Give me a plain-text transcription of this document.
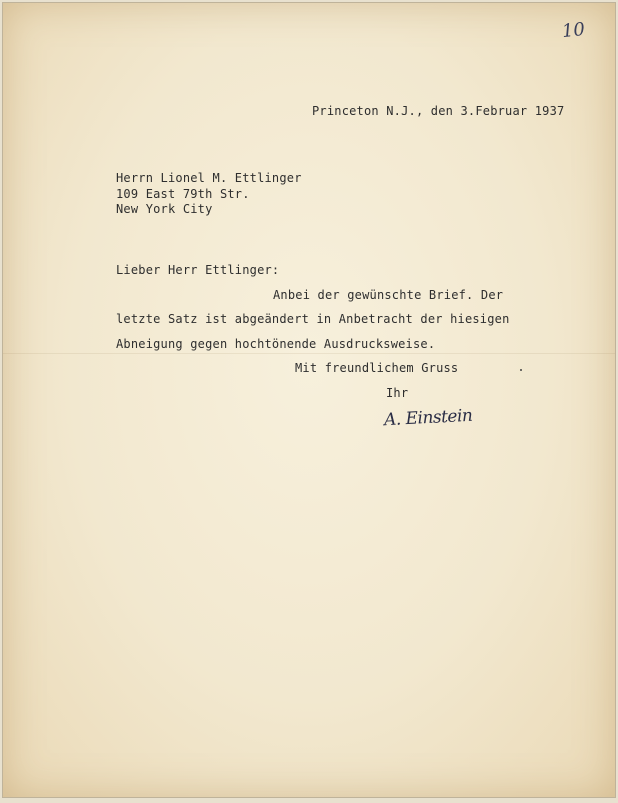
10
Princeton N.J., den 3.Februar 1937
Herrn Lionel M. Ettlinger
109 East 79th Str.
New York City
Lieber Herr Ettlinger:
Anbei der gewünschte Brief. Der
letzte Satz ist abgeändert in Anbetracht der hiesigen
Abneigung gegen hochtönende Ausdrucksweise.
Mit freundlichem Gruss
Ihr
A. Einstein
